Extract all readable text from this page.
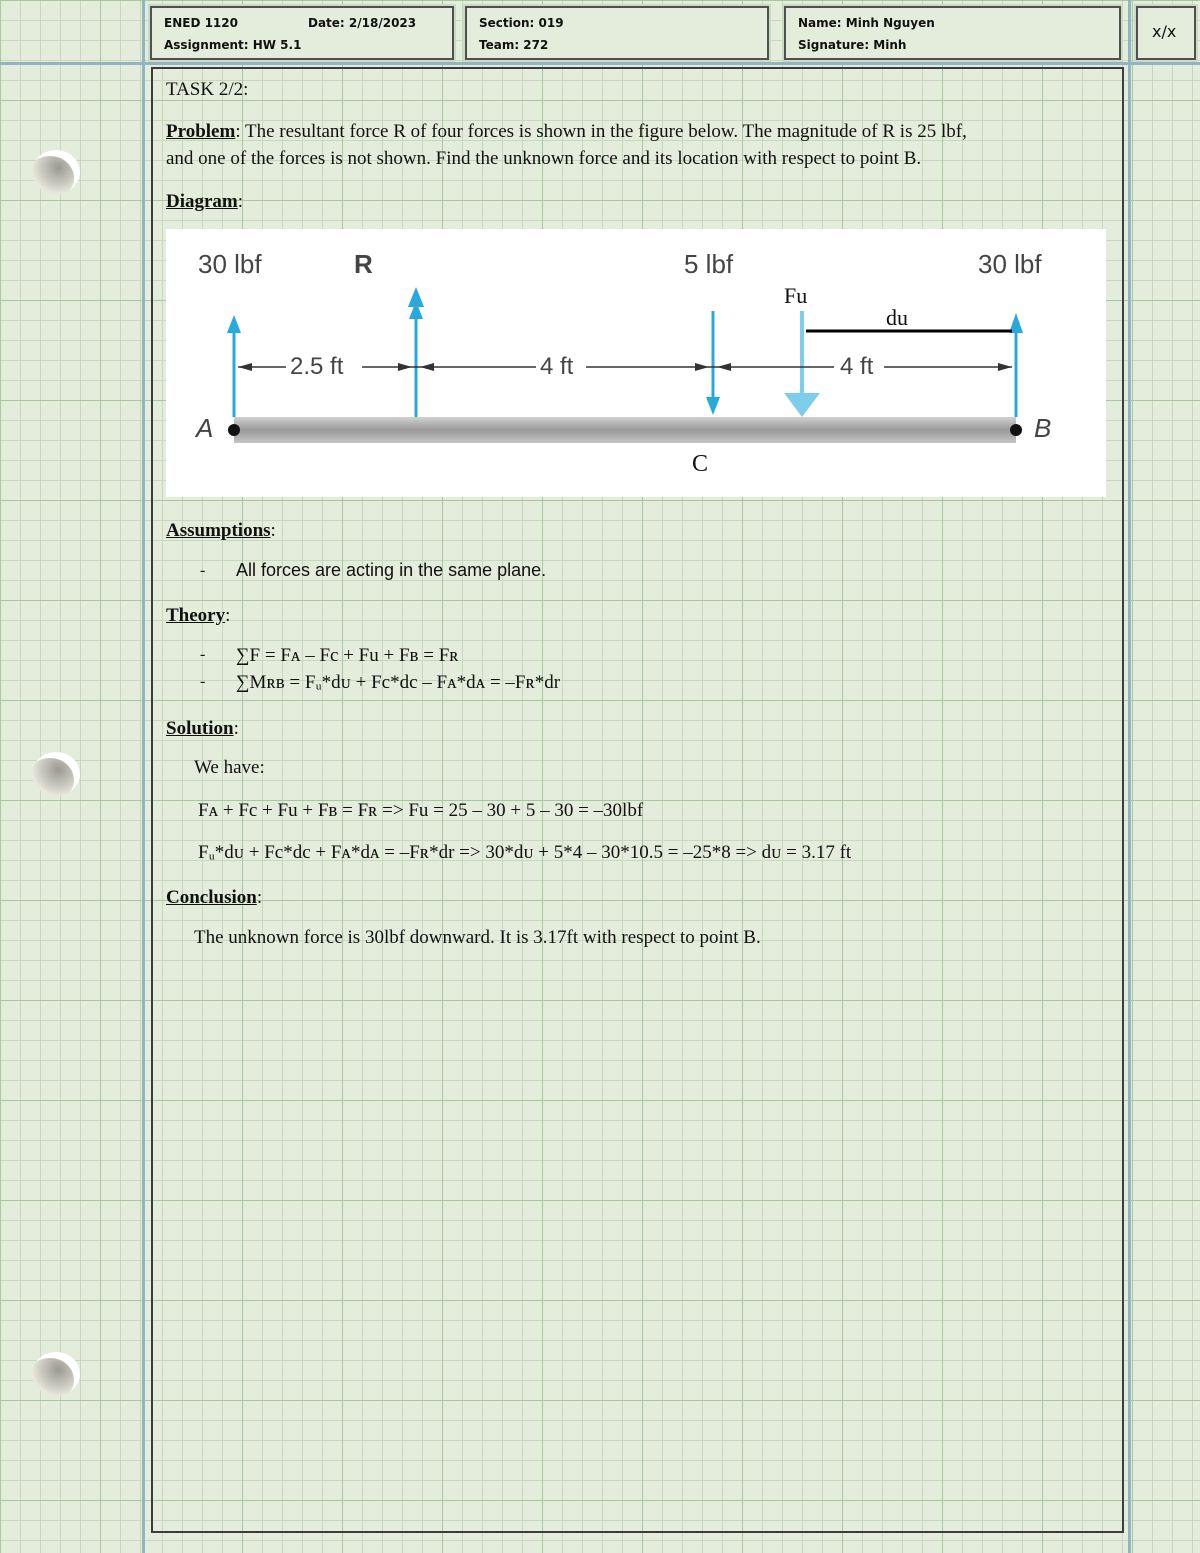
ENED 1120	Date: 2/18/2023
Assignment: HW 5.1
Section: 019
Team: 272
Name: Minh Nguyen
Signature: Minh
x/x
TASK 2/2:
Problem: The resultant force R of four forces is shown in the figure below. The magnitude of R is 25 lbf,
and one of the forces is not shown. Find the unknown force and its location with respect to point B.
Diagram:
30 lbf	R	5 lbf	30 lbf
Fu
du
2.5 ft	4 ft	4 ft
A	B
C
Assumptions:
- All forces are acting in the same plane.
Theory:
- ∑F = Fᴀ – Fc + Fu + Fʙ = Fʀ
- ∑Mʀʙ = Fᵤ*dᴜ + Fc*dc – Fᴀ*dᴀ = –Fʀ*dr
Solution:
We have:
Fᴀ + Fc + Fu + Fʙ = Fʀ => Fu = 25 – 30 + 5 – 30 = –30lbf
Fᵤ*dᴜ + Fc*dc + Fᴀ*dᴀ = –Fʀ*dr => 30*dᴜ + 5*4 – 30*10.5 = –25*8 => dᴜ = 3.17 ft
Conclusion:
The unknown force is 30lbf downward. It is 3.17ft with respect to point B.
